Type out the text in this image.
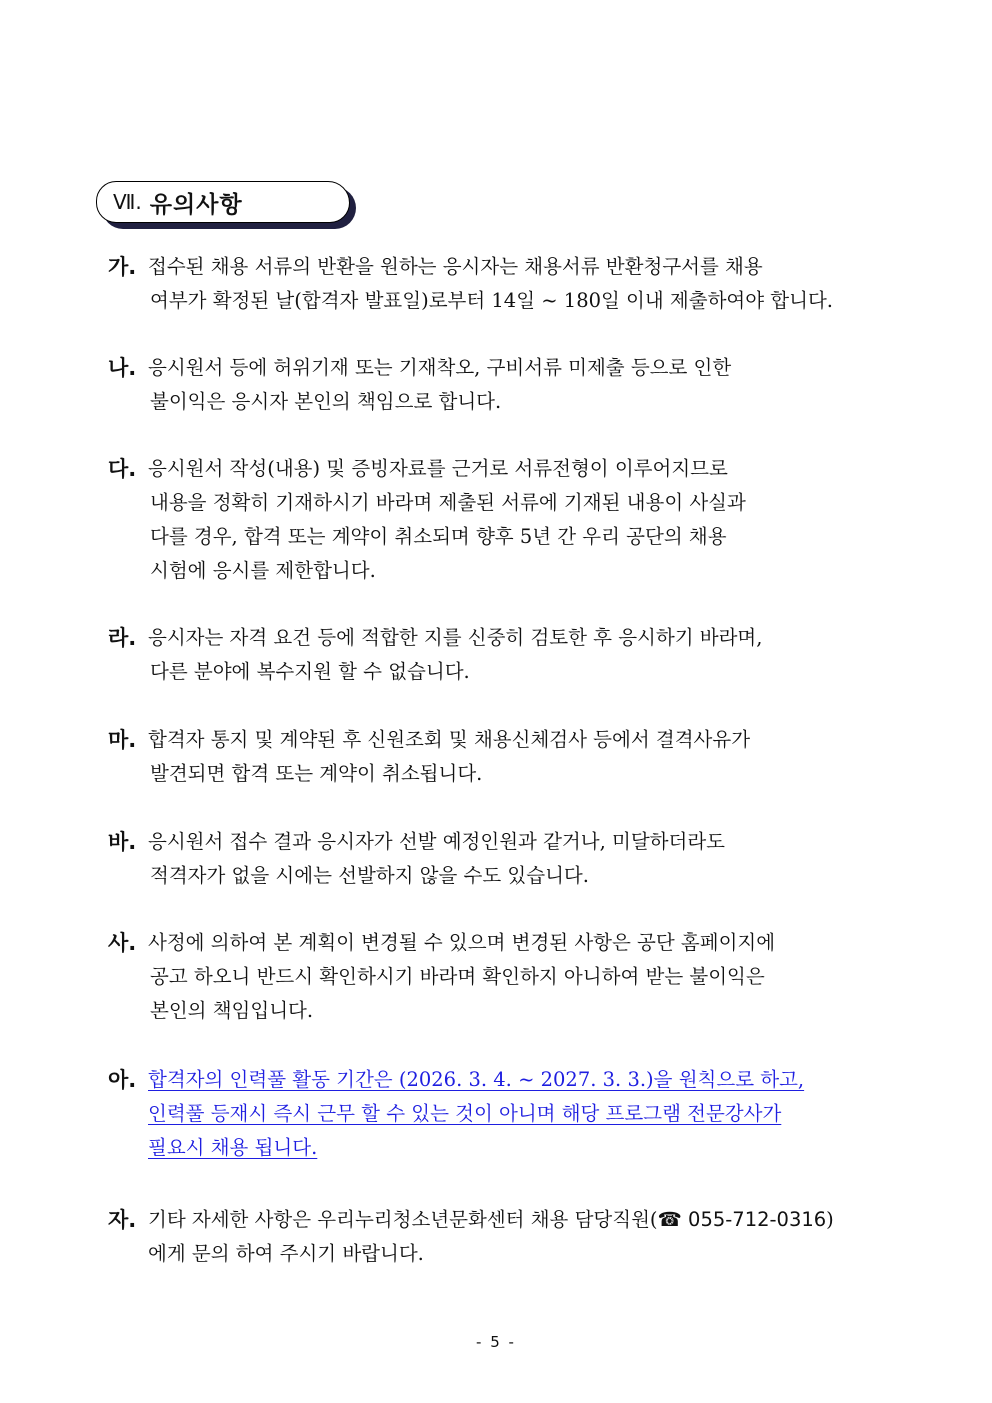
Ⅶ. 유의사항
가. 접수된 채용 서류의 반환을 원하는 응시자는 채용서류 반환청구서를 채용
여부가 확정된 날(합격자 발표일)로부터 14일 ~ 180일 이내 제출하여야 합니다.
나. 응시원서 등에 허위기재 또는 기재착오, 구비서류 미제출 등으로 인한
불이익은 응시자 본인의 책임으로 합니다.
다. 응시원서 작성(내용) 및 증빙자료를 근거로 서류전형이 이루어지므로
내용을 정확히 기재하시기 바라며 제출된 서류에 기재된 내용이 사실과
다를 경우, 합격 또는 계약이 취소되며 향후 5년 간 우리 공단의 채용
시험에 응시를 제한합니다.
라. 응시자는 자격 요건 등에 적합한 지를 신중히 검토한 후 응시하기 바라며,
다른 분야에 복수지원 할 수 없습니다.
마. 합격자 통지 및 계약된 후 신원조회 및 채용신체검사 등에서 결격사유가
발견되면 합격 또는 계약이 취소됩니다.
바. 응시원서 접수 결과 응시자가 선발 예정인원과 같거나, 미달하더라도
적격자가 없을 시에는 선발하지 않을 수도 있습니다.
사. 사정에 의하여 본 계획이 변경될 수 있으며 변경된 사항은 공단 홈페이지에
공고 하오니 반드시 확인하시기 바라며 확인하지 아니하여 받는 불이익은
본인의 책임입니다.
아. 합격자의 인력풀 활동 기간은 (2026. 3. 4. ~ 2027. 3. 3.)을 원칙으로 하고,
인력풀 등재시 즉시 근무 할 수 있는 것이 아니며 해당 프로그램 전문강사가
필요시 채용 됩니다.
자. 기타 자세한 사항은 우리누리청소년문화센터 채용 담당직원(☎ 055-712-0316)
에게 문의 하여 주시기 바랍니다.
- 5 -
